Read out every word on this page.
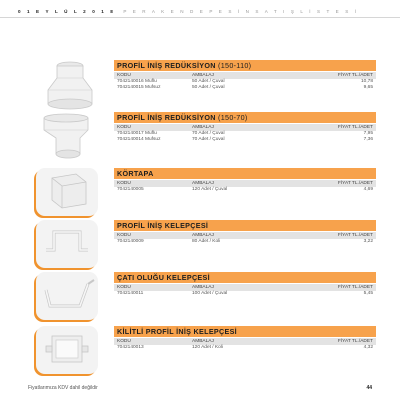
0 1 E Y L Ü L 2 0 1 8 P E R A K E N D E P E S İ N S A T I Ş L İ S T E S İ
PROFİL İNİŞ REDÜKSİYON (150-110)
KODU	AMBALAJ	FİYAT TL./ADET
7042140016 Muflu	50 Adet / Çuval	10,78
7042140015 Mufsuz	50 Adet / Çuval	9,65
PROFİL İNİŞ REDÜKSİYON (150-70)
KODU	AMBALAJ	FİYAT TL./ADET
7042140017 Muflu	70 Adet / Çuval	7,95
7042140014 Mufsuz	70 Adet / Çuval	7,36
KÖRTAPA
KODU	AMBALAJ	FİYAT TL./ADET
7042140005	120 Adet / Çuval	4,69
PROFİL İNİŞ KELEPÇESİ
KODU	AMBALAJ	FİYAT TL./ADET
7042140009	80 Adet / Koli	3,22
ÇATI OLUĞU KELEPÇESİ
KODU	AMBALAJ	FİYAT TL./ADET
7042140011	100 Adet / Çuval	5,45
KİLİTLİ PROFİL İNİŞ KELEPÇESİ
KODU	AMBALAJ	FİYAT TL./ADET
7042140013	120 Adet / Koli	4,32
Fiyatlarımıza KDV dahil değildir	44
